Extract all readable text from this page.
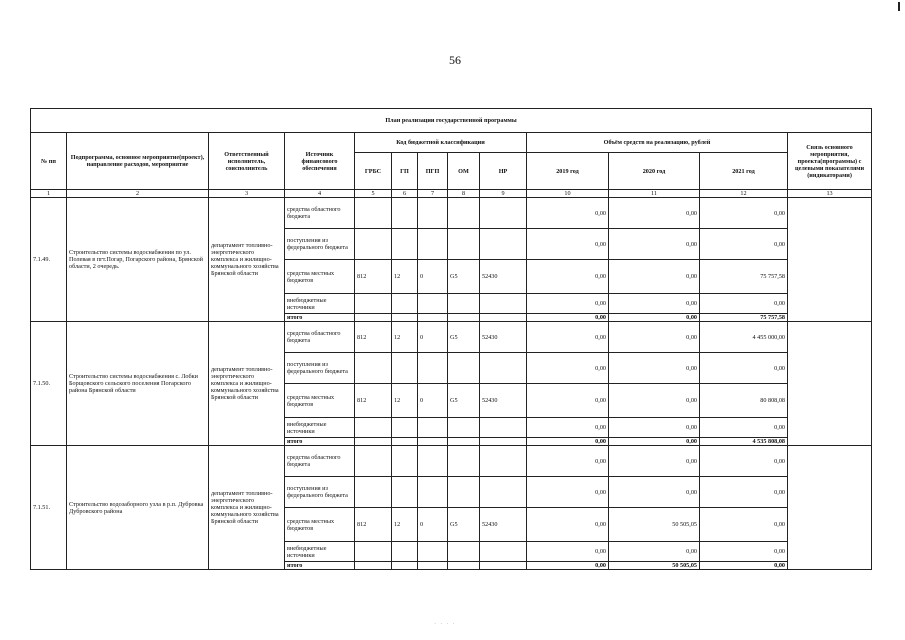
56
План реализации государственной программы												
№ пп	Подпрограмма, основное мероприятие(проект), направление расходов, мероприятие	Ответственный исполнитель, соисполнитель	Источник финансового обеспечения	Код бюджетной классификации					Объём средств на реализацию, рублей			Связь основного мероприятия, проекта(программы) с целевыми показателями (индикаторами)
				ГРБС	ГП	ПГП	ОМ	НР	2019 год	2020 год	2021 год	
1	2	3	4	5	6	7	8	9	10	11	12	13
7.1.49.	Строительство системы водоснабжения по ул. Полевая в пгт.Погар, Погарского района, Брянской области, 2 очередь.	департамент топливно-энергетического комплекса и жилищно-коммунального хозяйства Брянской области	средства областного бюджета						0,00	0,00	0,00	
			поступления из федерального бюджета						0,00	0,00	0,00	
			средства местных бюджетов	812	12	0	G5	52430	0,00	0,00	75 757,58	
			внебюджетные источники						0,00	0,00	0,00	
			итого						0,00	0,00	75 757,58	
7.1.50.	Строительство системы водоснабжения с. Лобки Борщовского сельского поселения Погарского района Брянской области	департамент топливно-энергетического комплекса и жилищно-коммунального хозяйства Брянской области	средства областного бюджета	812	12	0	G5	52430	0,00	0,00	4 455 000,00	
			поступления из федерального бюджета						0,00	0,00	0,00	
			средства местных бюджетов	812	12	0	G5	52430	0,00	0,00	80 808,08	
			внебюджетные источники						0,00	0,00	0,00	
			итого						0,00	0,00	4 535 808,08	
7.1.51.	Строительство водозаборного узла в р.п. Дубровка Дубровского района	департамент топливно-энергетического комплекса и жилищно-коммунального хозяйства Брянской области	средства областного бюджета						0,00	0,00	0,00	
			поступления из федерального бюджета						0,00	0,00	0,00	
			средства местных бюджетов	812	12	0	G5	52430	0,00	50 505,05	0,00	
			внебюджетные источники						0,00	0,00	0,00	
			итого						0,00	50 505,05	0,00	
· · · ·
